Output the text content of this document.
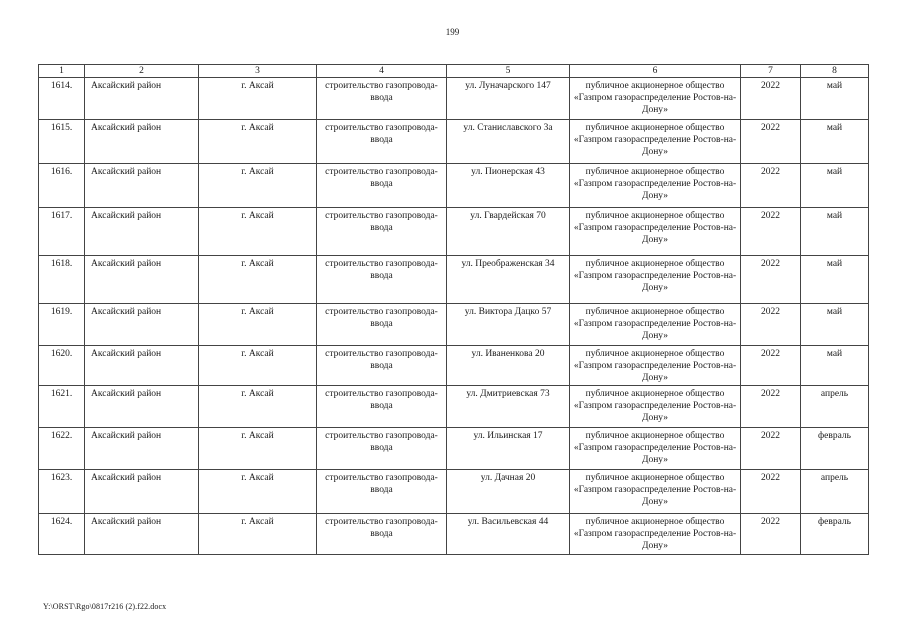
199
1	2	3	4	5	6	7	8
1614.	Аксайский район	г. Аксай	строительство газопровода-ввода	ул. Луначарского 147	публичное акционерное общество «Газпром газораспределение Ростов-на-Дону»	2022	май
1615.	Аксайский район	г. Аксай	строительство газопровода-ввода	ул. Станиславского 3а	публичное акционерное общество «Газпром газораспределение Ростов-на-Дону»	2022	май
1616.	Аксайский район	г. Аксай	строительство газопровода-ввода	ул. Пионерская 43	публичное акционерное общество «Газпром газораспределение Ростов-на-Дону»	2022	май
1617.	Аксайский район	г. Аксай	строительство газопровода-ввода	ул. Гвардейская 70	публичное акционерное общество «Газпром газораспределение Ростов-на-Дону»	2022	май
1618.	Аксайский район	г. Аксай	строительство газопровода-ввода	ул. Преображенская 34	публичное акционерное общество «Газпром газораспределение Ростов-на-Дону»	2022	май
1619.	Аксайский район	г. Аксай	строительство газопровода-ввода	ул. Виктора Дацко 57	публичное акционерное общество «Газпром газораспределение Ростов-на-Дону»	2022	май
1620.	Аксайский район	г. Аксай	строительство газопровода-ввода	ул. Иваненкова 20	публичное акционерное общество «Газпром газораспределение Ростов-на-Дону»	2022	май
1621.	Аксайский район	г. Аксай	строительство газопровода-ввода	ул. Дмитриевская 73	публичное акционерное общество «Газпром газораспределение Ростов-на-Дону»	2022	апрель
1622.	Аксайский район	г. Аксай	строительство газопровода-ввода	ул. Ильинская 17	публичное акционерное общество «Газпром газораспределение Ростов-на-Дону»	2022	февраль
1623.	Аксайский район	г. Аксай	строительство газопровода-ввода	ул. Дачная 20	публичное акционерное общество «Газпром газораспределение Ростов-на-Дону»	2022	апрель
1624.	Аксайский район	г. Аксай	строительство газопровода-ввода	ул. Васильевская 44	публичное акционерное общество «Газпром газораспределение Ростов-на-Дону»	2022	февраль
Y:\ORST\Rgo\0817r216 (2).f22.docx
